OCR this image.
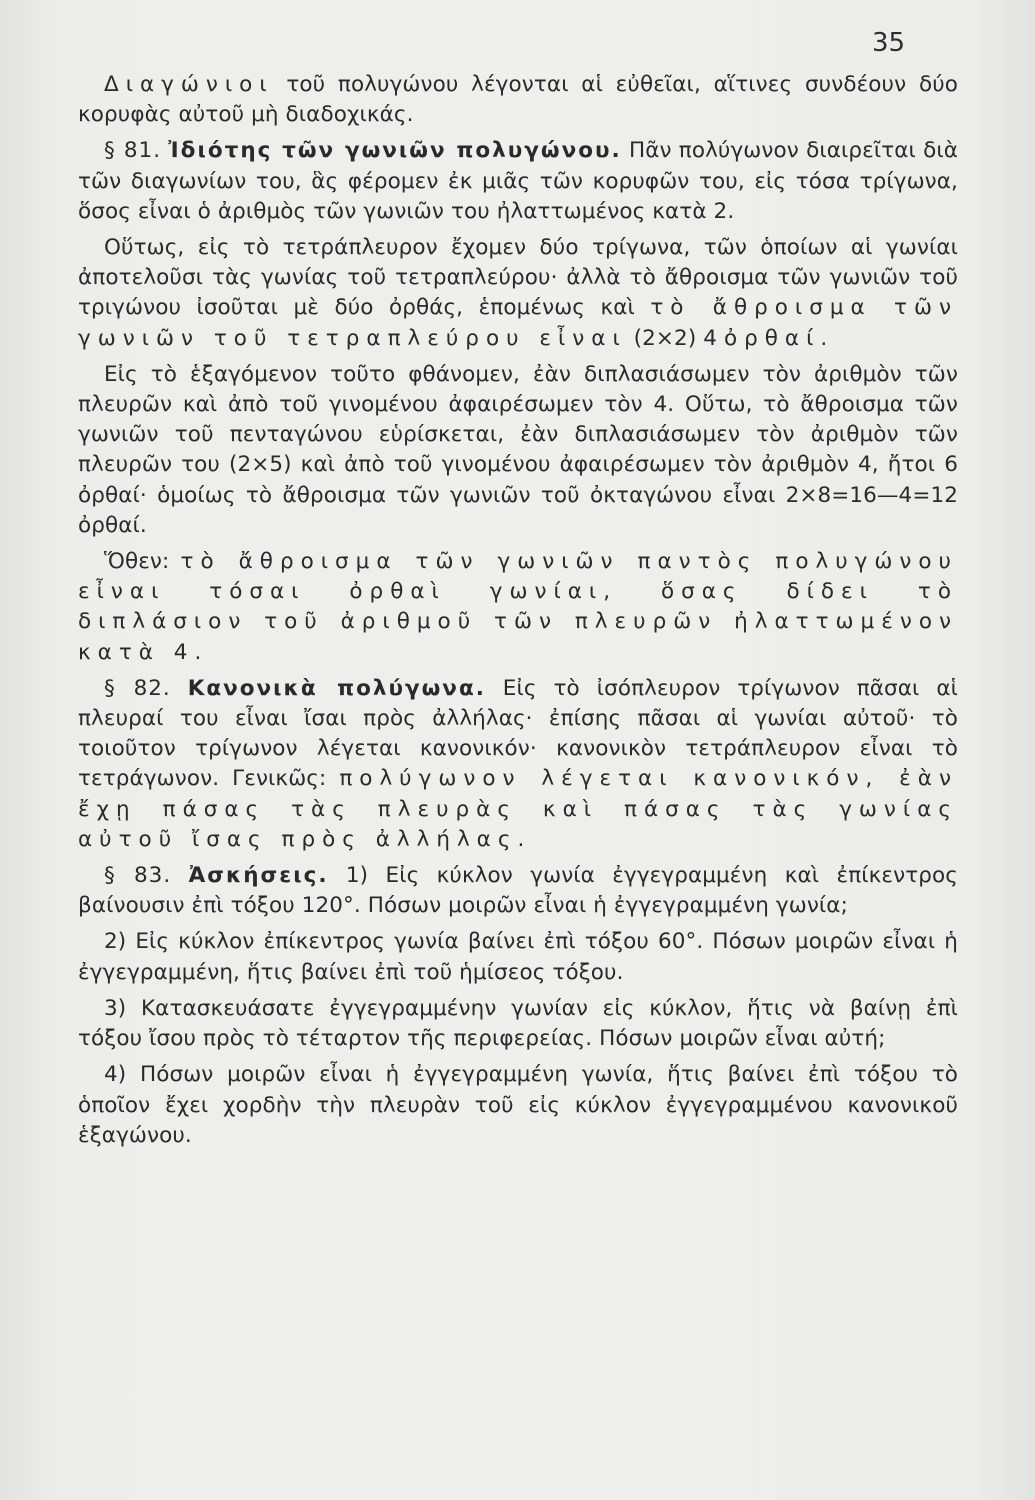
35

Διαγώνιοι τοῦ πολυγώνου λέγονται αἱ εὐθεῖαι, αἵτινες συνδέουν δύο κορυφὰς αὐτοῦ μὴ διαδοχικάς.

§ 81. Ἰδιότης τῶν γωνιῶν πολυγώνου. Πᾶν πολύγωνον διαιρεῖται διὰ τῶν διαγωνίων του, ἃς φέρομεν ἐκ μιᾶς τῶν κορυφῶν του, εἰς τόσα τρίγωνα, ὅσος εἶναι ὁ ἀριθμὸς τῶν γωνιῶν του ἠλαττωμένος κατὰ 2.

Οὕτως, εἰς τὸ τετράπλευρον ἔχομεν δύο τρίγωνα, τῶν ὁποίων αἱ γωνίαι ἀποτελοῦσι τὰς γωνίας τοῦ τετραπλεύρου· ἀλλὰ τὸ ἄθροισμα τῶν γωνιῶν τοῦ τριγώνου ἰσοῦται μὲ δύο ὀρθάς, ἑπομένως καὶ τὸ ἄθροισμα τῶν γωνιῶν τοῦ τετραπλεύρου εἶναι (2×2) 4 ὀρθαί.

Εἰς τὸ ἑξαγόμενον τοῦτο φθάνομεν, ἐὰν διπλασιάσωμεν τὸν ἀριθμὸν τῶν πλευρῶν καὶ ἀπὸ τοῦ γινομένου ἀφαιρέσωμεν τὸν 4. Οὕτω, τὸ ἄθροισμα τῶν γωνιῶν τοῦ πενταγώνου εὑρίσκεται, ἐὰν διπλασιάσωμεν τὸν ἀριθμὸν τῶν πλευρῶν του (2×5) καὶ ἀπὸ τοῦ γινομένου ἀφαιρέσωμεν τὸν ἀριθμὸν 4, ἤτοι 6 ὀρθαί· ὁμοίως τὸ ἄθροισμα τῶν γωνιῶν τοῦ ὀκταγώνου εἶναι 2×8=16—4=12 ὀρθαί.

Ὅθεν: τὸ ἄθροισμα τῶν γωνιῶν παντὸς πολυγώνου εἶναι τόσαι ὀρθαὶ γωνίαι, ὅσας δίδει τὸ διπλάσιον τοῦ ἀριθμοῦ τῶν πλευρῶν ἠλαττωμένον κατὰ 4.

§ 82. Κανονικὰ πολύγωνα. Εἰς τὸ ἰσόπλευρον τρίγωνον πᾶσαι αἱ πλευραί του εἶναι ἴσαι πρὸς ἀλλήλας· ἐπίσης πᾶσαι αἱ γωνίαι αὐτοῦ· τὸ τοιοῦτον τρίγωνον λέγεται κανονικόν· κανονικὸν τετράπλευρον εἶναι τὸ τετράγωνον. Γενικῶς: πολύγωνον λέγεται κανονικόν, ἐὰν ἔχῃ πάσας τὰς πλευρὰς καὶ πάσας τὰς γωνίας αὐτοῦ ἴσας πρὸς ἀλλήλας.

§ 83. Ἀσκήσεις. 1) Εἰς κύκλον γωνία ἐγγεγραμμένη καὶ ἐπίκεντρος βαίνουσιν ἐπὶ τόξου 120°. Πόσων μοιρῶν εἶναι ἡ ἐγγεγραμμένη γωνία;

2) Εἰς κύκλον ἐπίκεντρος γωνία βαίνει ἐπὶ τόξου 60°. Πόσων μοιρῶν εἶναι ἡ ἐγγεγραμμένη, ἥτις βαίνει ἐπὶ τοῦ ἡμίσεος τόξου.

3) Κατασκευάσατε ἐγγεγραμμένην γωνίαν εἰς κύκλον, ἥτις νὰ βαίνῃ ἐπὶ τόξου ἴσου πρὸς τὸ τέταρτον τῆς περιφερείας. Πόσων μοιρῶν εἶναι αὐτή;

4) Πόσων μοιρῶν εἶναι ἡ ἐγγεγραμμένη γωνία, ἥτις βαίνει ἐπὶ τόξου τὸ ὁποῖον ἔχει χορδὴν τὴν πλευρὰν τοῦ εἰς κύκλον ἐγγεγραμμένου κανονικοῦ ἑξαγώνου.
